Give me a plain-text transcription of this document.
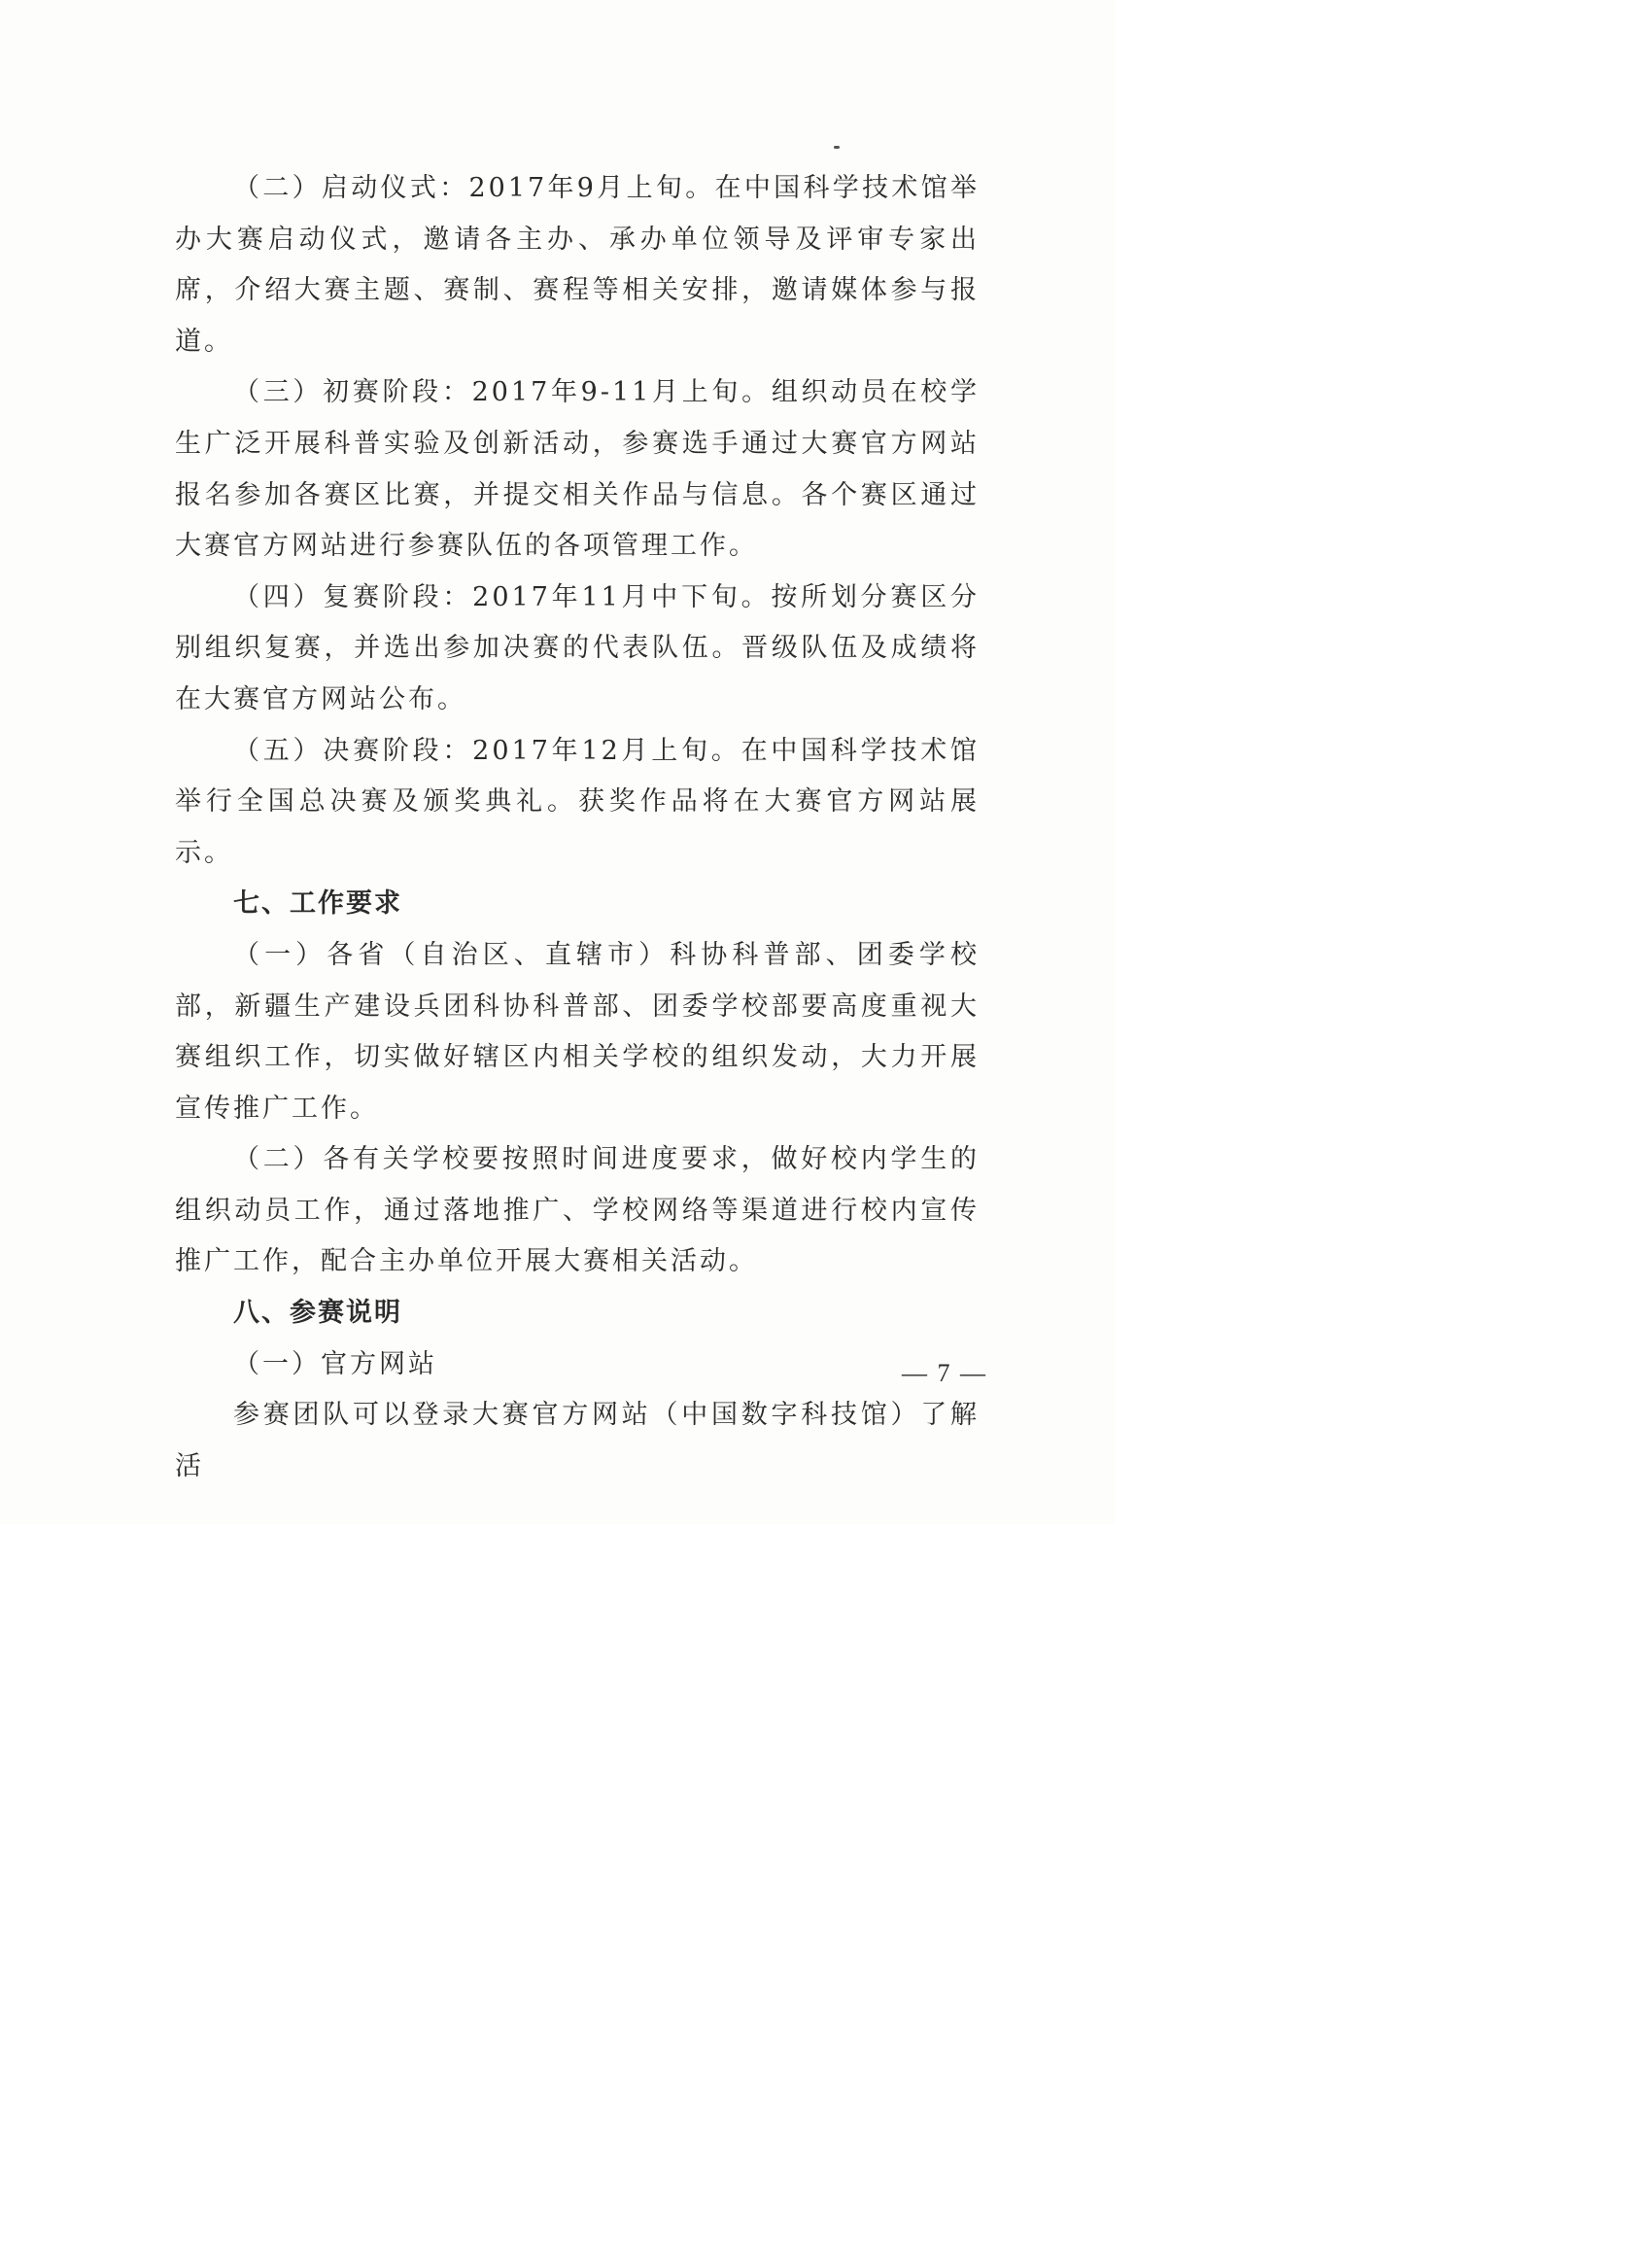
（二）启动仪式：2017年9月上旬。在中国科学技术馆举办大赛启动仪式，邀请各主办、承办单位领导及评审专家出席，介绍大赛主题、赛制、赛程等相关安排，邀请媒体参与报道。

（三）初赛阶段：2017年9-11月上旬。组织动员在校学生广泛开展科普实验及创新活动，参赛选手通过大赛官方网站报名参加各赛区比赛，并提交相关作品与信息。各个赛区通过大赛官方网站进行参赛队伍的各项管理工作。

（四）复赛阶段：2017年11月中下旬。按所划分赛区分别组织复赛，并选出参加决赛的代表队伍。晋级队伍及成绩将在大赛官方网站公布。

（五）决赛阶段：2017年12月上旬。在中国科学技术馆举行全国总决赛及颁奖典礼。获奖作品将在大赛官方网站展示。

七、工作要求

（一）各省（自治区、直辖市）科协科普部、团委学校部，新疆生产建设兵团科协科普部、团委学校部要高度重视大赛组织工作，切实做好辖区内相关学校的组织发动，大力开展宣传推广工作。

（二）各有关学校要按照时间进度要求，做好校内学生的组织动员工作，通过落地推广、学校网络等渠道进行校内宣传推广工作，配合主办单位开展大赛相关活动。

八、参赛说明

（一）官方网站

参赛团队可以登录大赛官方网站（中国数字科技馆）了解活

— 7 —
